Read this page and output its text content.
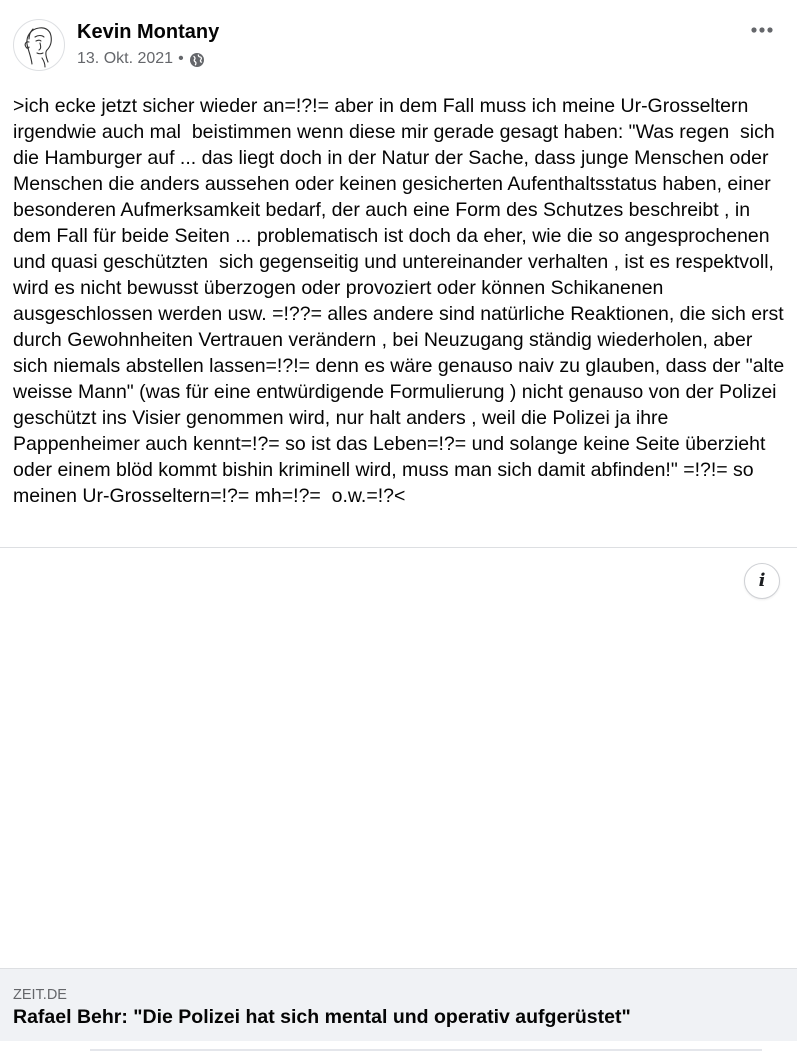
Kevin Montany
13. Okt. 2021 •

>ich ecke jetzt sicher wieder an=!?!= aber in dem Fall muss ich meine Ur-Grosseltern irgendwie auch mal  beistimmen wenn diese mir gerade gesagt haben: "Was regen  sich die Hamburger auf ... das liegt doch in der Natur der Sache, dass junge Menschen oder Menschen die anders aussehen oder keinen gesicherten Aufenthaltsstatus haben, einer besonderen Aufmerksamkeit bedarf, der auch eine Form des Schutzes beschreibt , in dem Fall für beide Seiten ... problematisch ist doch da eher, wie die so angesprochenen und quasi geschützten  sich gegenseitig und untereinander verhalten , ist es respektvoll, wird es nicht bewusst überzogen oder provoziert oder können Schikanenen ausgeschlossen werden usw. =!??= alles andere sind natürliche Reaktionen, die sich erst durch Gewohnheiten Vertrauen verändern , bei Neuzugang ständig wiederholen, aber sich niemals abstellen lassen=!?!= denn es wäre genauso naiv zu glauben, dass der "alte weisse Mann" (was für eine entwürdigende Formulierung ) nicht genauso von der Polizei geschützt ins Visier genommen wird, nur halt anders , weil die Polizei ja ihre Pappenheimer auch kennt=!?= so ist das Leben=!?= und solange keine Seite überzieht oder einem blöd kommt bishin kriminell wird, muss man sich damit abfinden!" =!?!= so meinen Ur-Grosseltern=!?= mh=!?=  o.w.=!?<

i
ZEIT.DE
Rafael Behr: "Die Polizei hat sich mental und operativ aufgerüstet"
